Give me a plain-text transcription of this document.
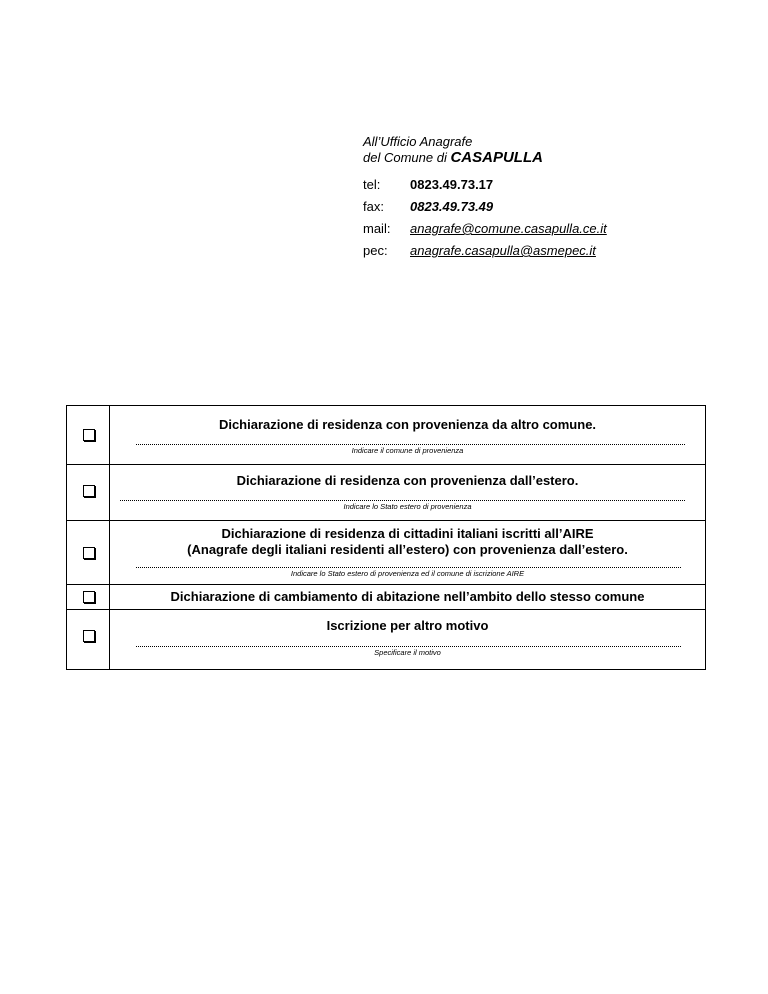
All’Ufficio Anagrafe
del Comune di CASAPULLA
tel: 0823.49.73.17
fax: 0823.49.73.49
mail: anagrafe@comune.casapulla.ce.it
pec: anagrafe.casapulla@asmepec.it
Dichiarazione di residenza con provenienza da altro comune.
Indicare il comune di provenienza
Dichiarazione di residenza con provenienza dall’estero.
Indicare lo Stato estero di provenienza
Dichiarazione di residenza di cittadini italiani iscritti all’AIRE
(Anagrafe degli italiani residenti all’estero) con provenienza dall’estero.
Indicare lo Stato estero di provenienza ed il comune di iscrizione AIRE
Dichiarazione di cambiamento di abitazione nell’ambito dello stesso comune
Iscrizione per altro motivo
Specificare il motivo
